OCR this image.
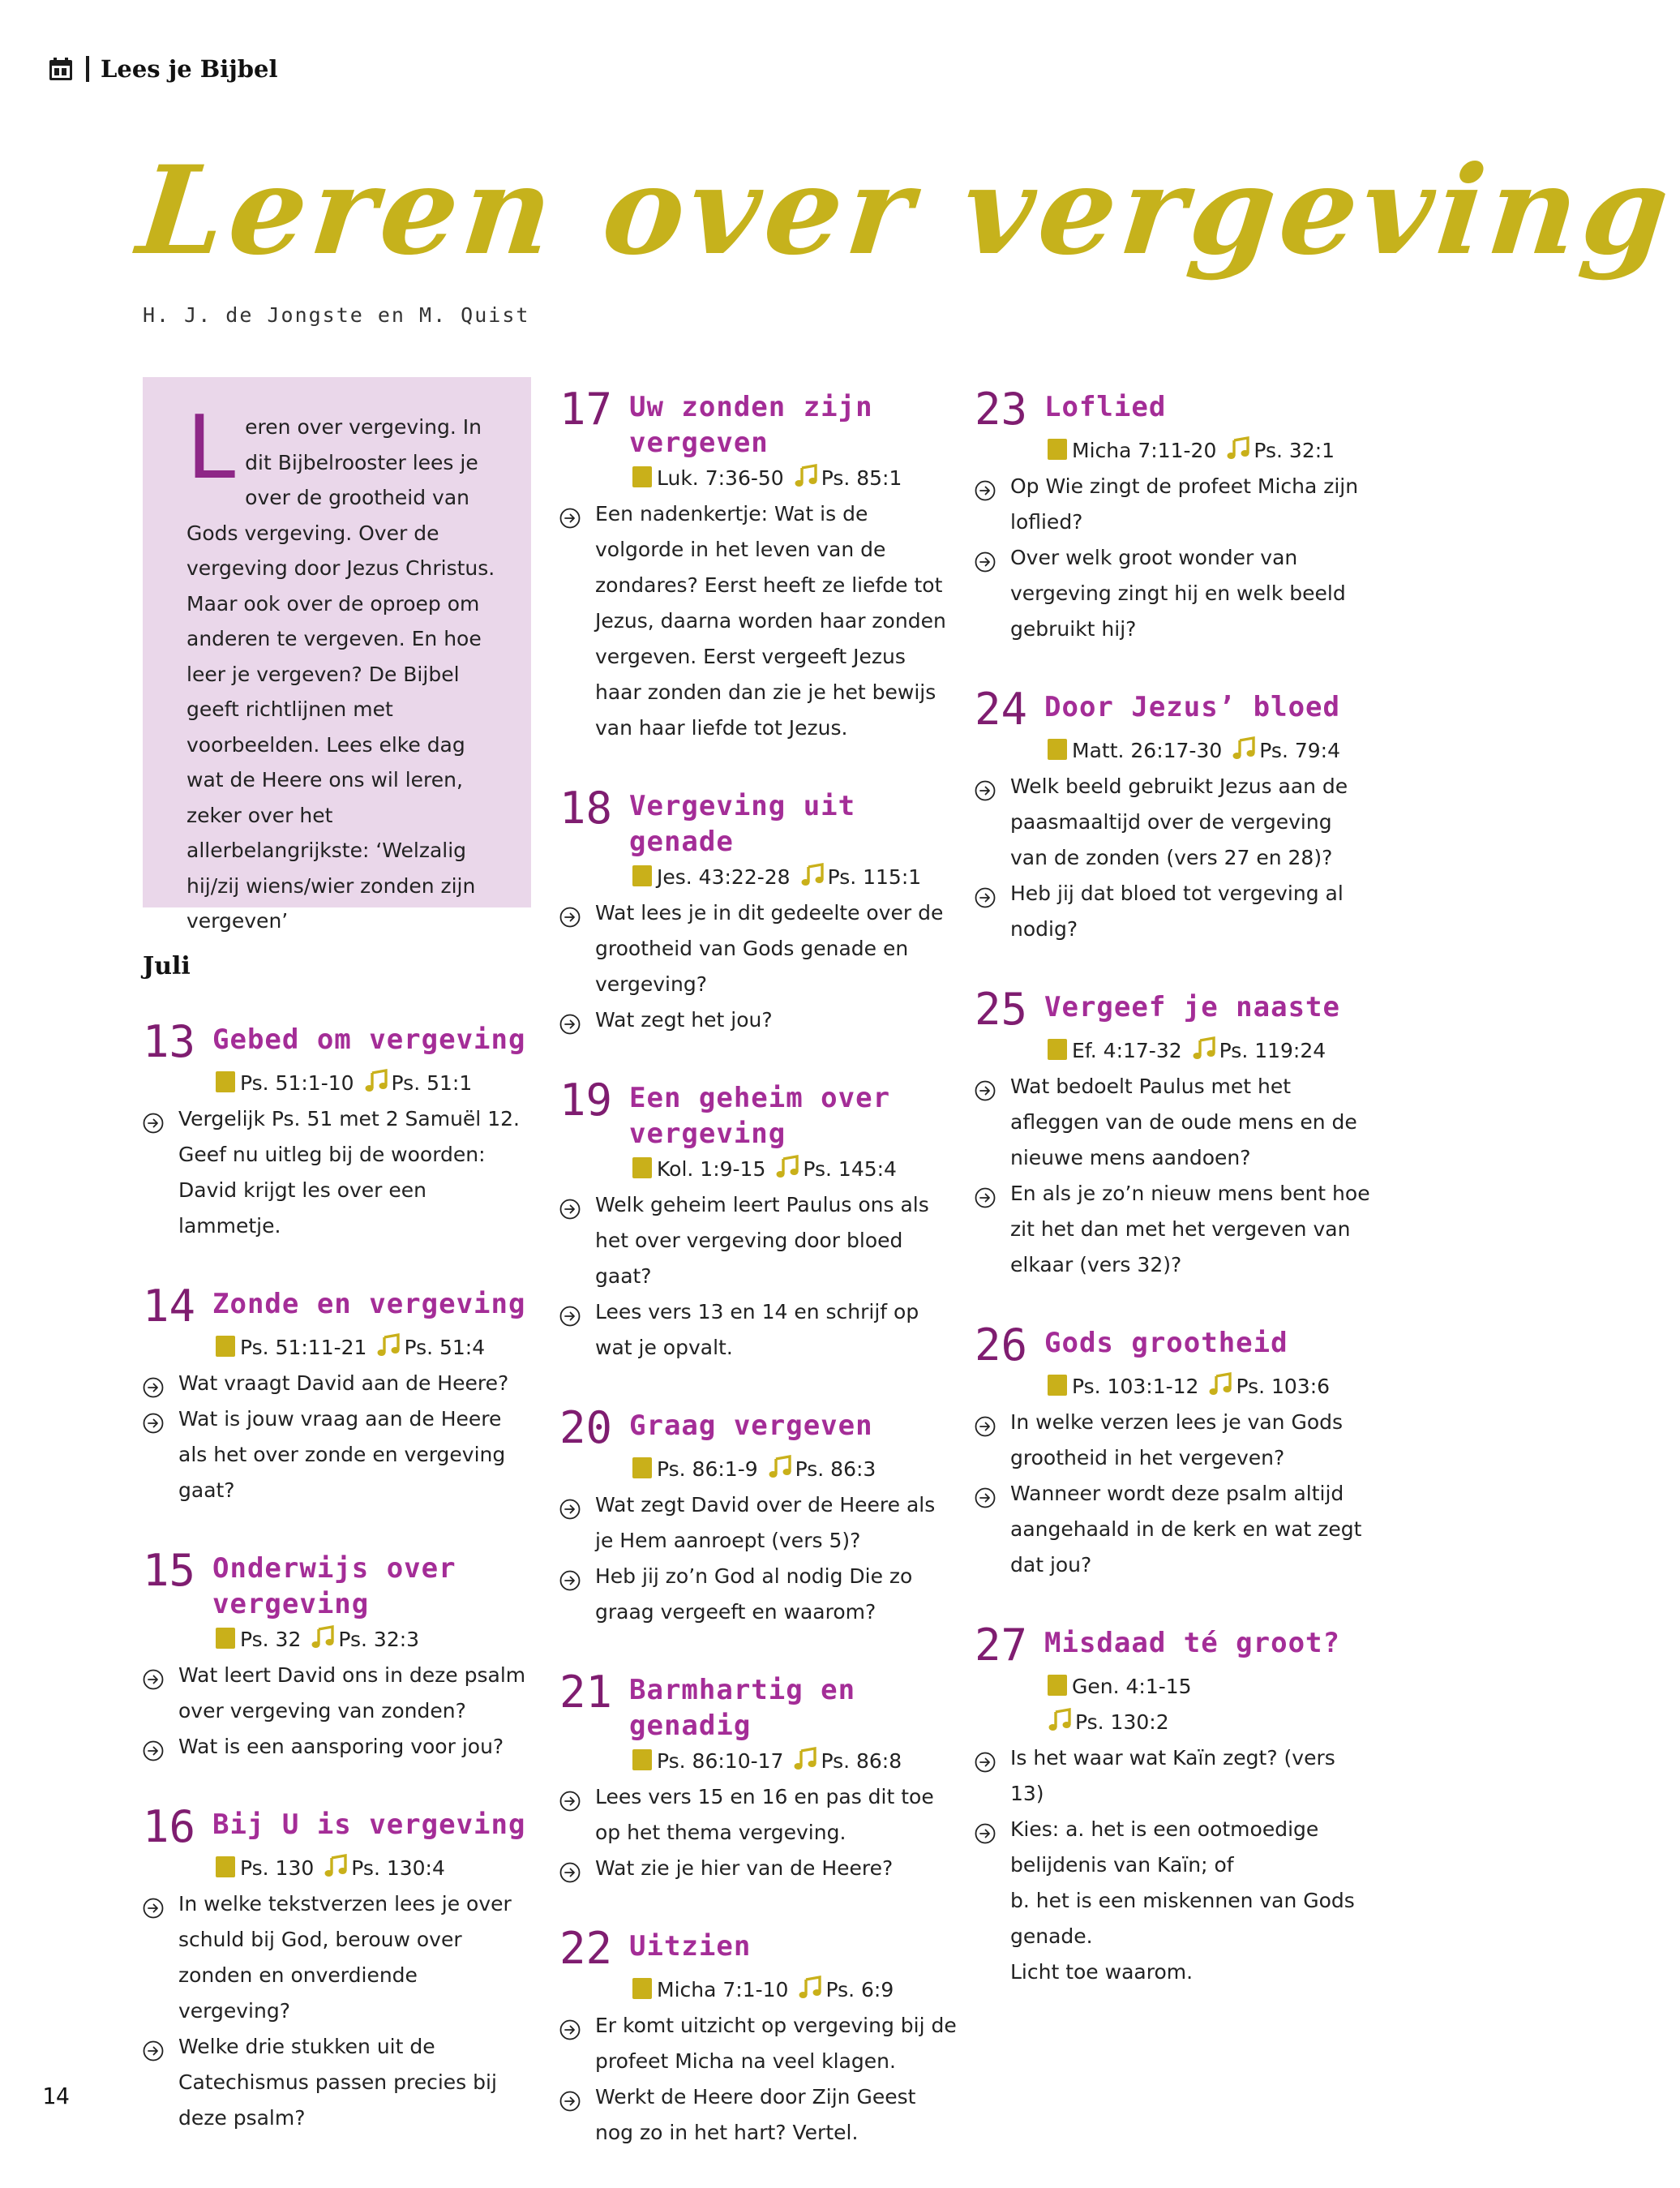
Lees je Bijbel
Leren over vergeving
H. J. de Jongste en M. Quist
L eren over vergeving. In dit Bijbelrooster lees je over de grootheid van Gods vergeving. Over de vergeving door Jezus Christus. Maar ook over de oproep om anderen te vergeven. En hoe leer je vergeven? De Bijbel geeft richtlijnen met voorbeelden. Lees elke dag wat de Heere ons wil leren, zeker over het allerbelangrijkste: ‘Welzalig hij/zij wiens/wier zonden zijn vergeven’
Juli
13 Gebed om vergeving
Ps. 51:1-10 Ps. 51:1
Vergelijk Ps. 51 met 2 Samuël 12. Geef nu uitleg bij de woorden: David krijgt les over een lammetje.
14 Zonde en vergeving
Ps. 51:11-21 Ps. 51:4
Wat vraagt David aan de Heere?
Wat is jouw vraag aan de Heere als het over zonde en vergeving gaat?
15 Onderwijs over vergeving
Ps. 32 Ps. 32:3
Wat leert David ons in deze psalm over vergeving van zonden?
Wat is een aansporing voor jou?
16 Bij U is vergeving
Ps. 130 Ps. 130:4
In welke tekstverzen lees je over schuld bij God, berouw over zonden en onverdiende vergeving?
Welke drie stukken uit de Catechismus passen precies bij deze psalm?
17 Uw zonden zijn vergeven
Luk. 7:36-50 Ps. 85:1
Een nadenkertje: Wat is de volgorde in het leven van de zondares? Eerst heeft ze liefde tot Jezus, daarna worden haar zonden vergeven. Eerst vergeeft Jezus haar zonden dan zie je het bewijs van haar liefde tot Jezus.
18 Vergeving uit genade
Jes. 43:22-28 Ps. 115:1
Wat lees je in dit gedeelte over de grootheid van Gods genade en vergeving?
Wat zegt het jou?
19 Een geheim over vergeving
Kol. 1:9-15 Ps. 145:4
Welk geheim leert Paulus ons als het over vergeving door bloed gaat?
Lees vers 13 en 14 en schrijf op wat je opvalt.
20 Graag vergeven
Ps. 86:1-9 Ps. 86:3
Wat zegt David over de Heere als je Hem aanroept (vers 5)?
Heb jij zo’n God al nodig Die zo graag vergeeft en waarom?
21 Barmhartig en genadig
Ps. 86:10-17 Ps. 86:8
Lees vers 15 en 16 en pas dit toe op het thema vergeving.
Wat zie je hier van de Heere?
22 Uitzien
Micha 7:1-10 Ps. 6:9
Er komt uitzicht op vergeving bij de profeet Micha na veel klagen.
Werkt de Heere door Zijn Geest nog zo in het hart? Vertel.
23 Loflied
Micha 7:11-20 Ps. 32:1
Op Wie zingt de profeet Micha zijn loflied?
Over welk groot wonder van vergeving zingt hij en welk beeld gebruikt hij?
24 Door Jezus’ bloed
Matt. 26:17-30 Ps. 79:4
Welk beeld gebruikt Jezus aan de paasmaaltijd over de vergeving van de zonden (vers 27 en 28)?
Heb jij dat bloed tot vergeving al nodig?
25 Vergeef je naaste
Ef. 4:17-32 Ps. 119:24
Wat bedoelt Paulus met het afleggen van de oude mens en de nieuwe mens aandoen?
En als je zo’n nieuw mens bent hoe zit het dan met het vergeven van elkaar (vers 32)?
26 Gods grootheid
Ps. 103:1-12 Ps. 103:6
In welke verzen lees je van Gods grootheid in het vergeven?
Wanneer wordt deze psalm altijd aangehaald in de kerk en wat zegt dat jou?
27 Misdaad té groot?
Gen. 4:1-15
Ps. 130:2
Is het waar wat Kaïn zegt? (vers 13)
Kies: a. het is een ootmoedige belijdenis van Kaïn; of
b. het is een miskennen van Gods genade.
Licht toe waarom.
14
